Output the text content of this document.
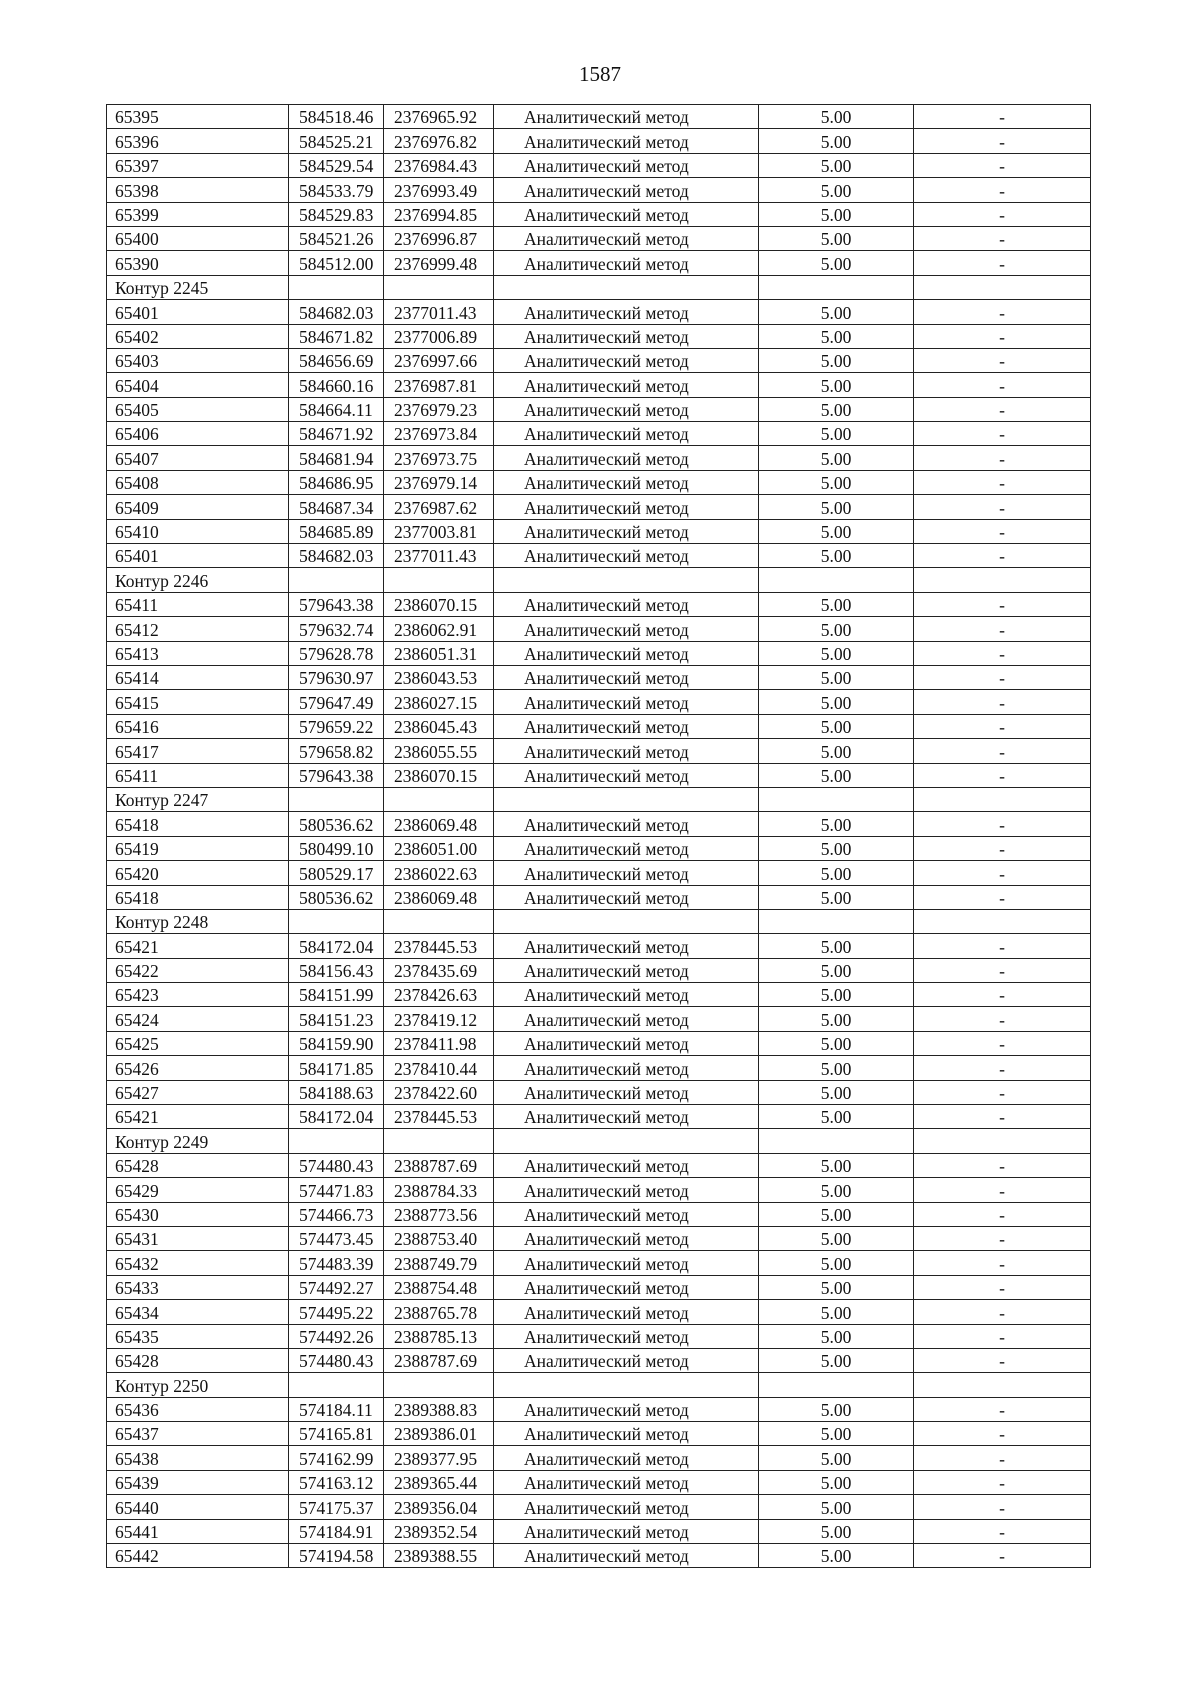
1587
65395	584518.46	2376965.92	Аналитический метод	5.00	-
65396	584525.21	2376976.82	Аналитический метод	5.00	-
65397	584529.54	2376984.43	Аналитический метод	5.00	-
65398	584533.79	2376993.49	Аналитический метод	5.00	-
65399	584529.83	2376994.85	Аналитический метод	5.00	-
65400	584521.26	2376996.87	Аналитический метод	5.00	-
65390	584512.00	2376999.48	Аналитический метод	5.00	-
Контур 2245					
65401	584682.03	2377011.43	Аналитический метод	5.00	-
65402	584671.82	2377006.89	Аналитический метод	5.00	-
65403	584656.69	2376997.66	Аналитический метод	5.00	-
65404	584660.16	2376987.81	Аналитический метод	5.00	-
65405	584664.11	2376979.23	Аналитический метод	5.00	-
65406	584671.92	2376973.84	Аналитический метод	5.00	-
65407	584681.94	2376973.75	Аналитический метод	5.00	-
65408	584686.95	2376979.14	Аналитический метод	5.00	-
65409	584687.34	2376987.62	Аналитический метод	5.00	-
65410	584685.89	2377003.81	Аналитический метод	5.00	-
65401	584682.03	2377011.43	Аналитический метод	5.00	-
Контур 2246					
65411	579643.38	2386070.15	Аналитический метод	5.00	-
65412	579632.74	2386062.91	Аналитический метод	5.00	-
65413	579628.78	2386051.31	Аналитический метод	5.00	-
65414	579630.97	2386043.53	Аналитический метод	5.00	-
65415	579647.49	2386027.15	Аналитический метод	5.00	-
65416	579659.22	2386045.43	Аналитический метод	5.00	-
65417	579658.82	2386055.55	Аналитический метод	5.00	-
65411	579643.38	2386070.15	Аналитический метод	5.00	-
Контур 2247					
65418	580536.62	2386069.48	Аналитический метод	5.00	-
65419	580499.10	2386051.00	Аналитический метод	5.00	-
65420	580529.17	2386022.63	Аналитический метод	5.00	-
65418	580536.62	2386069.48	Аналитический метод	5.00	-
Контур 2248					
65421	584172.04	2378445.53	Аналитический метод	5.00	-
65422	584156.43	2378435.69	Аналитический метод	5.00	-
65423	584151.99	2378426.63	Аналитический метод	5.00	-
65424	584151.23	2378419.12	Аналитический метод	5.00	-
65425	584159.90	2378411.98	Аналитический метод	5.00	-
65426	584171.85	2378410.44	Аналитический метод	5.00	-
65427	584188.63	2378422.60	Аналитический метод	5.00	-
65421	584172.04	2378445.53	Аналитический метод	5.00	-
Контур 2249					
65428	574480.43	2388787.69	Аналитический метод	5.00	-
65429	574471.83	2388784.33	Аналитический метод	5.00	-
65430	574466.73	2388773.56	Аналитический метод	5.00	-
65431	574473.45	2388753.40	Аналитический метод	5.00	-
65432	574483.39	2388749.79	Аналитический метод	5.00	-
65433	574492.27	2388754.48	Аналитический метод	5.00	-
65434	574495.22	2388765.78	Аналитический метод	5.00	-
65435	574492.26	2388785.13	Аналитический метод	5.00	-
65428	574480.43	2388787.69	Аналитический метод	5.00	-
Контур 2250					
65436	574184.11	2389388.83	Аналитический метод	5.00	-
65437	574165.81	2389386.01	Аналитический метод	5.00	-
65438	574162.99	2389377.95	Аналитический метод	5.00	-
65439	574163.12	2389365.44	Аналитический метод	5.00	-
65440	574175.37	2389356.04	Аналитический метод	5.00	-
65441	574184.91	2389352.54	Аналитический метод	5.00	-
65442	574194.58	2389388.55	Аналитический метод	5.00	-
